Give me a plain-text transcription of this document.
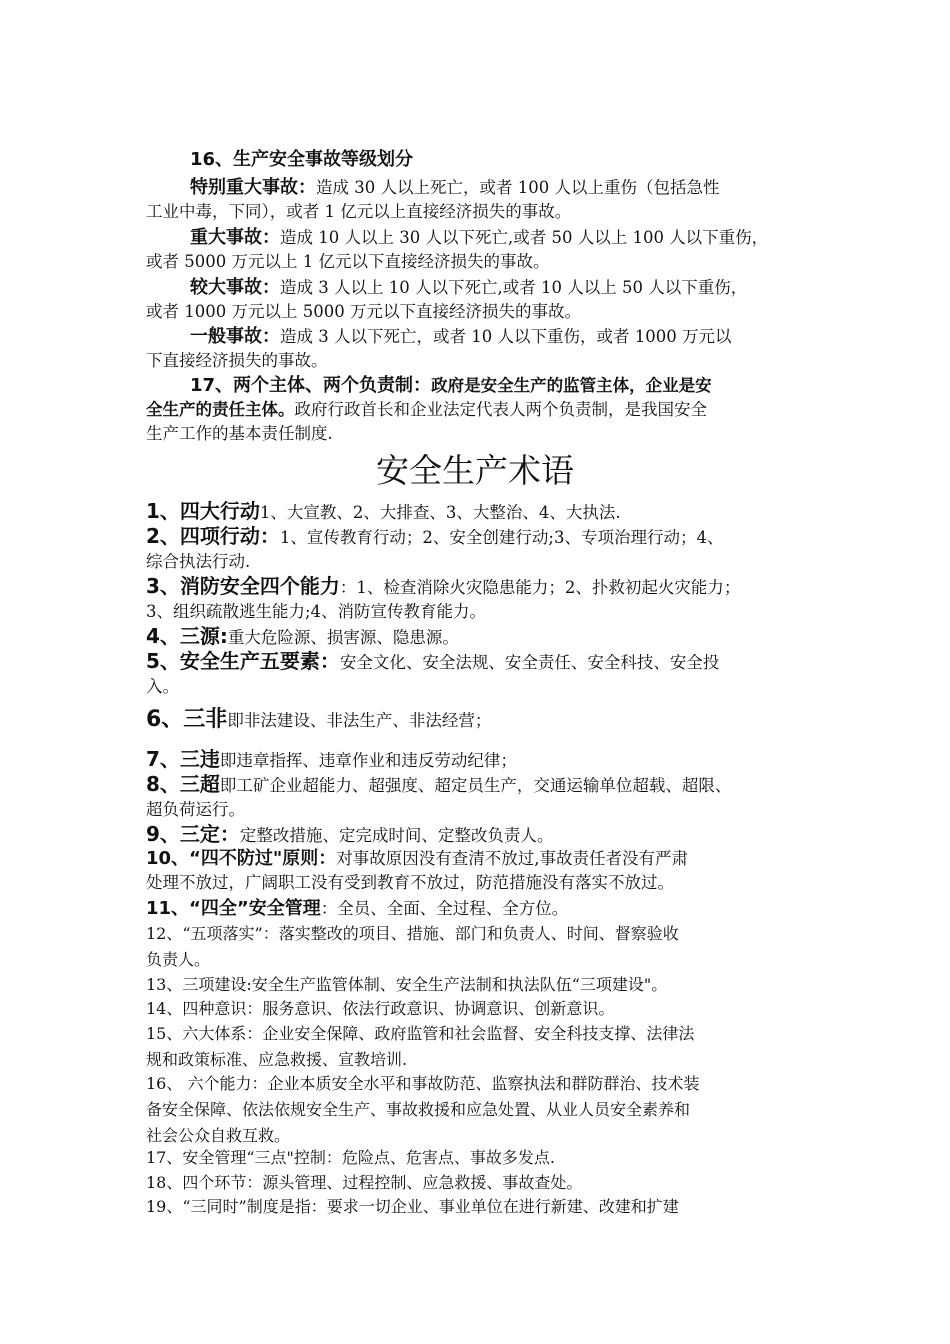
16、生产安全事故等级划分

特别重大事故：造成 30 人以上死亡，或者 100 人以上重伤（包括急性
工业中毒，下同），或者 1 亿元以上直接经济损失的事故。

重大事故：造成 10 人以上 30 人以下死亡,或者 50 人以上 100 人以下重伤，
或者 5000 万元以上 1 亿元以下直接经济损失的事故。

较大事故：造成 3 人以上 10 人以下死亡,或者 10 人以上 50 人以下重伤，
或者 1000 万元以上 5000 万元以下直接经济损失的事故。

一般事故：造成 3 人以下死亡，或者 10 人以下重伤，或者 1000 万元以
下直接经济损失的事故。

17、两个主体、两个负责制：政府是安全生产的监管主体，企业是安
全生产的责任主体。政府行政首长和企业法定代表人两个负责制，是我国安全
生产工作的基本责任制度.

安全生产术语

1、四大行动1、大宣教、2、大排查、3、大整治、4、大执法.

2、四项行动：1、宣传教育行动；2、安全创建行动;3、专项治理行动；4、
综合执法行动.

3、消防安全四个能力：1、检查消除火灾隐患能力；2、扑救初起火灾能力；
3、组织疏散逃生能力;4、消防宣传教育能力。

4、三源:重大危险源、损害源、隐患源。

5、安全生产五要素：安全文化、安全法规、安全责任、安全科技、安全投
入。

6、三非即非法建设、非法生产、非法经营；

7、三违即违章指挥、违章作业和违反劳动纪律；

8、三超即工矿企业超能力、超强度、超定员生产，交通运输单位超载、超限、
超负荷运行。

9、三定：定整改措施、定完成时间、定整改负责人。

10、“四不防过"原则：对事故原因没有查清不放过,事故责任者没有严肃
处理不放过，广阔职工没有受到教育不放过，防范措施没有落实不放过。

11、“四全”安全管理：全员、全面、全过程、全方位。

12、“五项落实”：落实整改的项目、措施、部门和负责人、时间、督察验收
负责人。

13、三项建设:安全生产监管体制、安全生产法制和执法队伍“三项建设"。

14、四种意识：服务意识、依法行政意识、协调意识、创新意识。

15、六大体系：企业安全保障、政府监管和社会监督、安全科技支撑、法律法
规和政策标准、应急救援、宣教培训.

16、 六个能力：企业本质安全水平和事故防范、监察执法和群防群治、技术装
备安全保障、依法依规安全生产、事故救援和应急处置、从业人员安全素养和
社会公众自救互救。

17、安全管理“三点"控制：危险点、危害点、事故多发点.

18、四个环节：源头管理、过程控制、应急救援、事故查处。

19、“三同时”制度是指：要求一切企业、事业单位在进行新建、改建和扩建
